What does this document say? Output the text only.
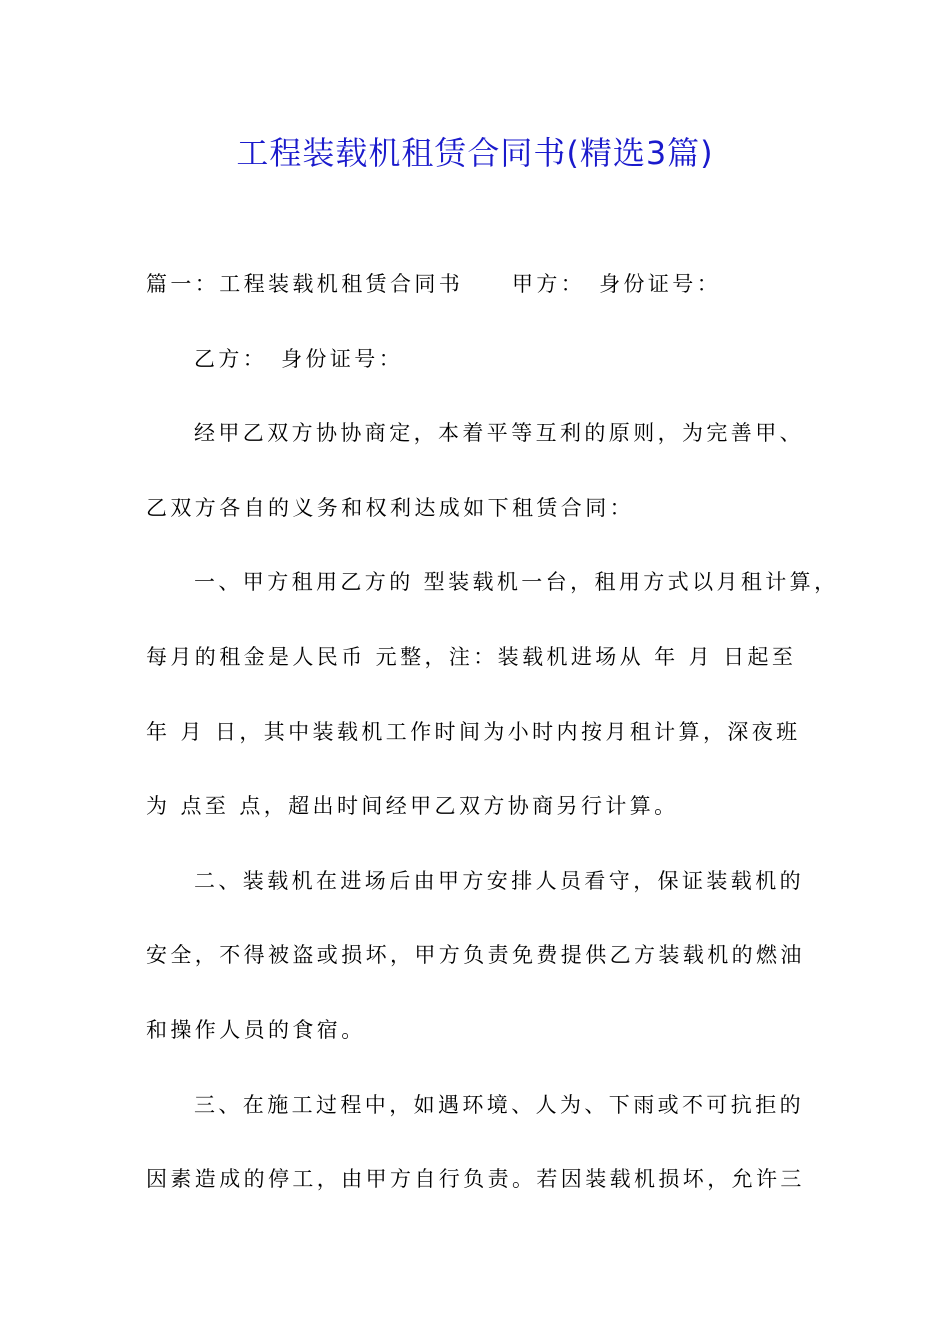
工程装载机租赁合同书(精选3篇)
篇一：工程装载机租赁合同书　　甲方：　身份证号：
乙方：　身份证号：
经甲乙双方协协商定，本着平等互利的原则，为完善甲、
乙双方各自的义务和权利达成如下租赁合同：
一、甲方租用乙方的 型装载机一台，租用方式以月租计算，
每月的租金是人民币 元整，注：装载机进场从 年 月 日起至
年 月 日，其中装载机工作时间为小时内按月租计算，深夜班
为 点至 点，超出时间经甲乙双方协商另行计算。
二、装载机在进场后由甲方安排人员看守，保证装载机的
安全，不得被盗或损坏，甲方负责免费提供乙方装载机的燃油
和操作人员的食宿。
三、在施工过程中，如遇环境、人为、下雨或不可抗拒的
因素造成的停工，由甲方自行负责。若因装载机损坏，允许三
